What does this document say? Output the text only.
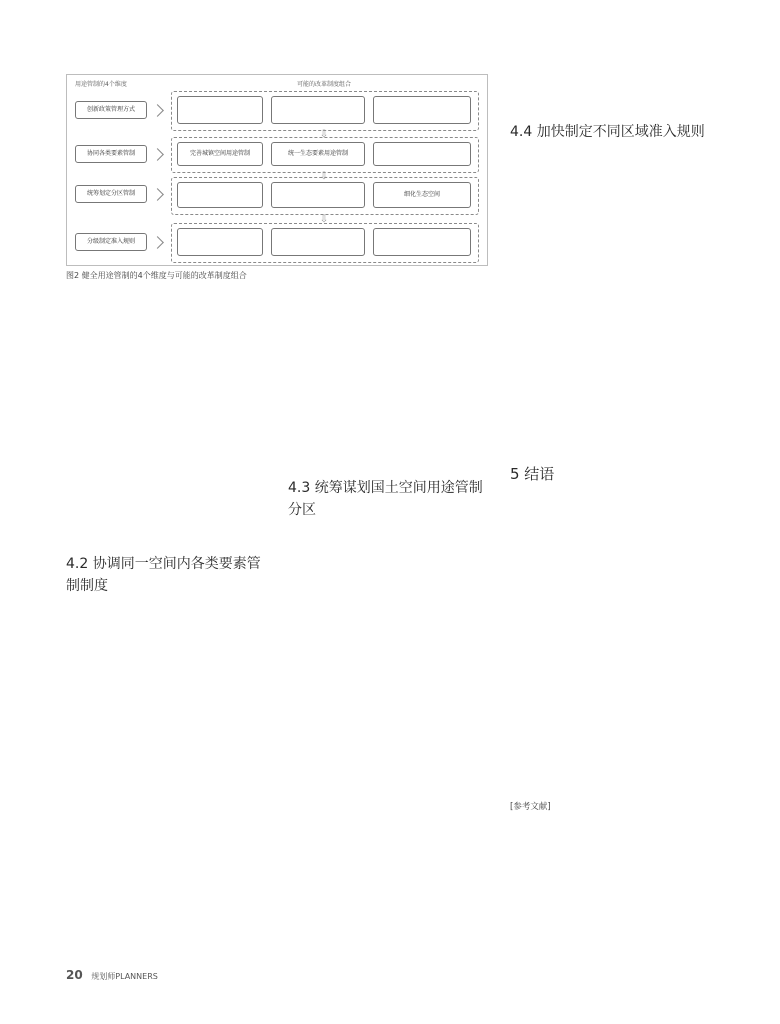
用途管制的4个维度	可能的改革制度组合
创新政策管理方式
协同各类要素管制
统筹划定分区管制
分级制定准入规则
⇩
完善城镇空间用途管制	统一生态要素用途管制
⇩
细化生态空间
⇩
图2 健全用途管制的4个维度与可能的改革制度组合

4.2 协调同一空间内各类要素管制制度

4.3 统筹谋划国土空间用途管制分区

4.4 加快制定不同区域准入规则

5 结语

[参考文献]
20 规划师PLANNERS
